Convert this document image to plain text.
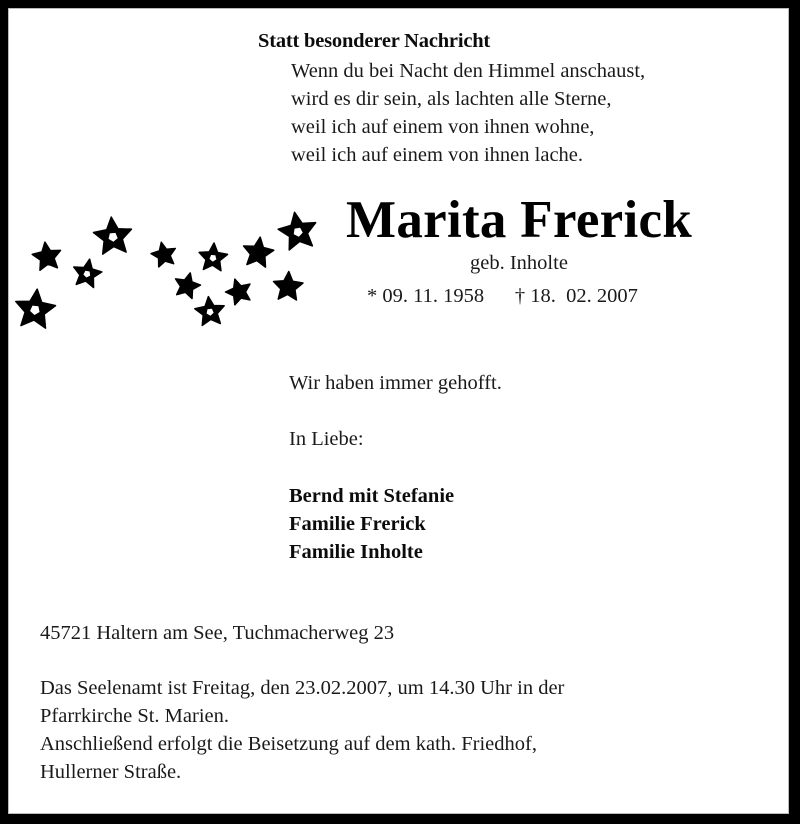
Statt besonderer Nachricht
Wenn du bei Nacht den Himmel anschaust,
wird es dir sein, als lachten alle Sterne,
weil ich auf einem von ihnen wohne,
weil ich auf einem von ihnen lache.
Marita Frerick
geb. Inholte
* 09. 11. 1958      † 18.  02. 2007
Wir haben immer gehofft.
In Liebe:
Bernd mit Stefanie
Familie Frerick
Familie Inholte
45721 Haltern am See, Tuchmacherweg 23
Das Seelenamt ist Freitag, den 23.02.2007, um 14.30 Uhr in der
Pfarrkirche St. Marien.
Anschließend erfolgt die Beisetzung auf dem kath. Friedhof,
Hullerner Straße.
